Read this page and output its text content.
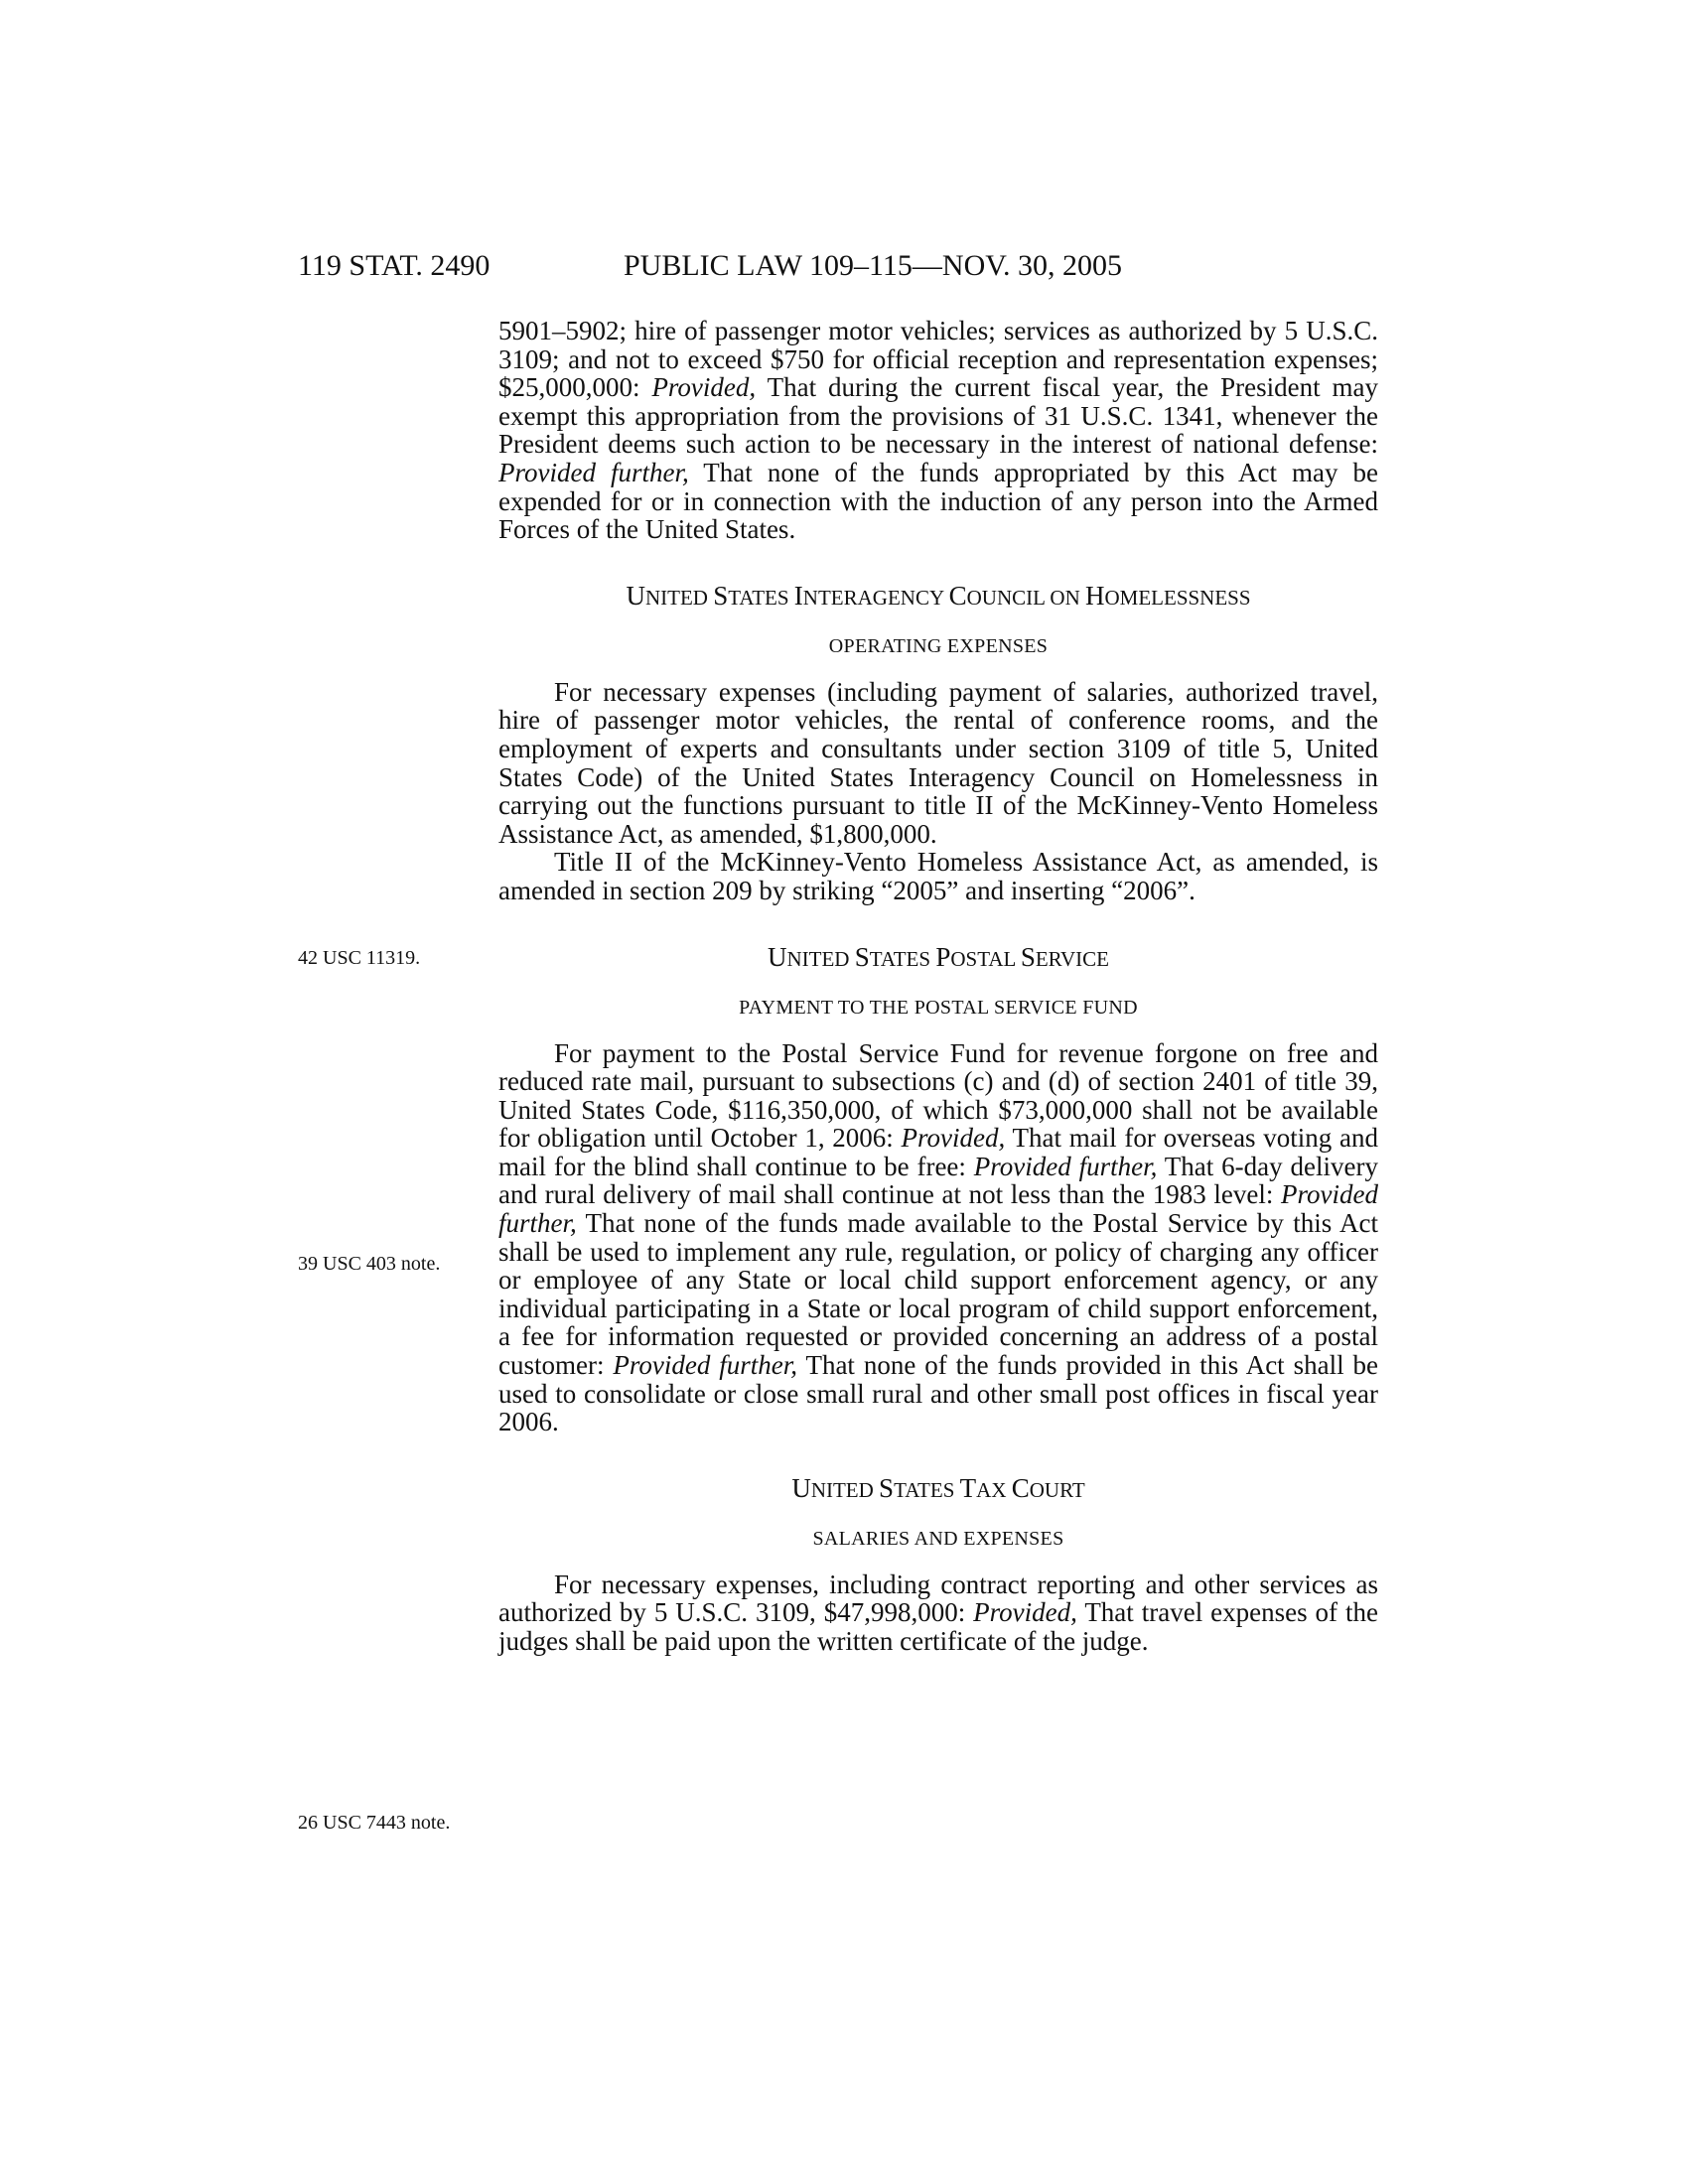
119 STAT. 2490	PUBLIC LAW 109–115—NOV. 30, 2005

5901–5902; hire of passenger motor vehicles; services as authorized by 5 U.S.C. 3109; and not to exceed $750 for official reception and representation expenses; $25,000,000: Provided, That during the current fiscal year, the President may exempt this appropriation from the provisions of 31 U.S.C. 1341, whenever the President deems such action to be necessary in the interest of national defense: Provided further, That none of the funds appropriated by this Act may be expended for or in connection with the induction of any person into the Armed Forces of the United States.

UNITED STATES INTERAGENCY COUNCIL ON HOMELESSNESS

OPERATING EXPENSES

For necessary expenses (including payment of salaries, authorized travel, hire of passenger motor vehicles, the rental of conference rooms, and the employment of experts and consultants under section 3109 of title 5, United States Code) of the United States Interagency Council on Homelessness in carrying out the functions pursuant to title II of the McKinney-Vento Homeless Assistance Act, as amended, $1,800,000.

Title II of the McKinney-Vento Homeless Assistance Act, as amended, is amended in section 209 by striking “2005” and inserting “2006”.

UNITED STATES POSTAL SERVICE

PAYMENT TO THE POSTAL SERVICE FUND

For payment to the Postal Service Fund for revenue forgone on free and reduced rate mail, pursuant to subsections (c) and (d) of section 2401 of title 39, United States Code, $116,350,000, of which $73,000,000 shall not be available for obligation until October 1, 2006: Provided, That mail for overseas voting and mail for the blind shall continue to be free: Provided further, That 6-day delivery and rural delivery of mail shall continue at not less than the 1983 level: Provided further, That none of the funds made available to the Postal Service by this Act shall be used to implement any rule, regulation, or policy of charging any officer or employee of any State or local child support enforcement agency, or any individual participating in a State or local program of child support enforcement, a fee for information requested or provided concerning an address of a postal customer: Provided further, That none of the funds provided in this Act shall be used to consolidate or close small rural and other small post offices in fiscal year 2006.

UNITED STATES TAX COURT

SALARIES AND EXPENSES

For necessary expenses, including contract reporting and other services as authorized by 5 U.S.C. 3109, $47,998,000: Provided, That travel expenses of the judges shall be paid upon the written certificate of the judge.

42 USC 11319.
39 USC 403 note.
26 USC 7443 note.
